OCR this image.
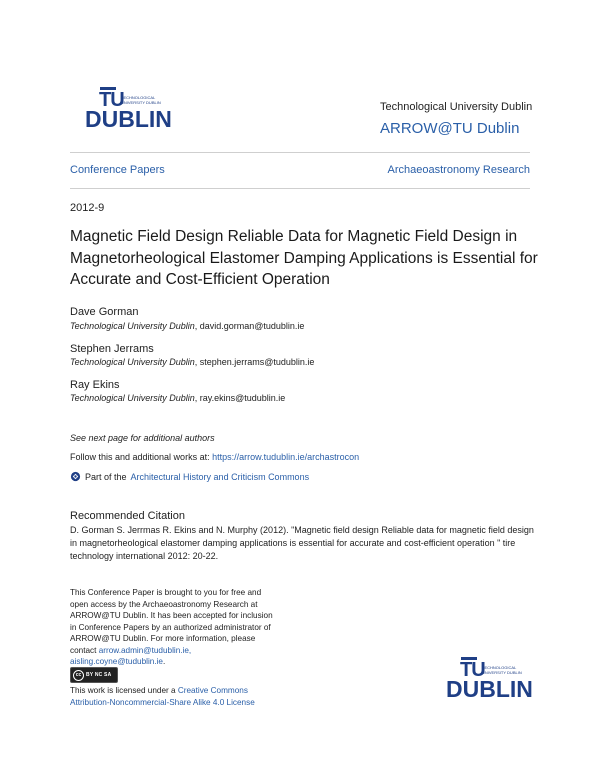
TU
TECHNOLOGICAL UNIVERSITY DUBLIN
DUBLIN	Technological University Dublin
ARROW@TU Dublin
Conference Papers	Archaeoastronomy Research
2012-9
Magnetic Field Design Reliable Data for Magnetic Field Design in Magnetorheological Elastomer Damping Applications is Essential for Accurate and Cost-Efficient Operation
Dave Gorman
Technological University Dublin, david.gorman@tudublin.ie
Stephen Jerrams
Technological University Dublin, stephen.jerrams@tudublin.ie
Ray Ekins
Technological University Dublin, ray.ekins@tudublin.ie
See next page for additional authors
Follow this and additional works at: https://arrow.tudublin.ie/archastrocon
Part of the Architectural History and Criticism Commons
Recommended Citation
D. Gorman S. Jerrmas R. Ekins and N. Murphy (2012). "Magnetic field design Reliable data for magnetic field design in magnetorheological elastomer damping applications is essential for accurate and cost-efficient operation " tire technology international 2012: 20-22.
This Conference Paper is brought to you for free and open access by the Archaeoastronomy Research at ARROW@TU Dublin. It has been accepted for inclusion in Conference Papers by an authorized administrator of ARROW@TU Dublin. For more information, please contact arrow.admin@tudublin.ie,
aisling.coyne@tudublin.ie.
cc BY NC SA
This work is licensed under a Creative Commons
Attribution-Noncommercial-Share Alike 4.0 License
TU
TECHNOLOGICAL UNIVERSITY DUBLIN
DUBLIN
